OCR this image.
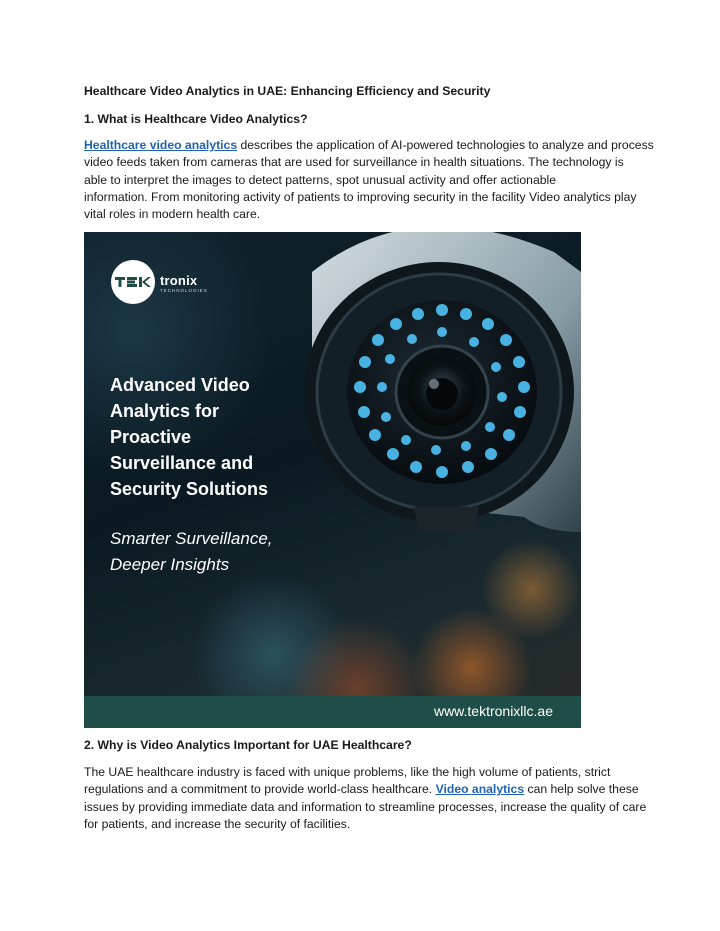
Healthcare Video Analytics in UAE: Enhancing Efficiency and Security

1. What is Healthcare Video Analytics?

Healthcare video analytics describes the application of AI-powered technologies to analyze and process
video feeds taken from cameras that are used for surveillance in health situations. The technology is
able to interpret the images to detect patterns, spot unusual activity and offer actionable
information. From monitoring activity of patients to improving security in the facility Video analytics play
vital roles in modern health care.

tronix
TECHNOLOGIES

Advanced Video
Analytics for
Proactive
Surveillance and
Security Solutions

Smarter Surveillance,
Deeper Insights

www.tektronixllc.ae

2. Why is Video Analytics Important for UAE Healthcare?

The UAE healthcare industry is faced with unique problems, like the high volume of patients, strict
regulations and a commitment to provide world-class healthcare. Video analytics can help solve these
issues by providing immediate data and information to streamline processes, increase the quality of care
for patients, and increase the security of facilities.
